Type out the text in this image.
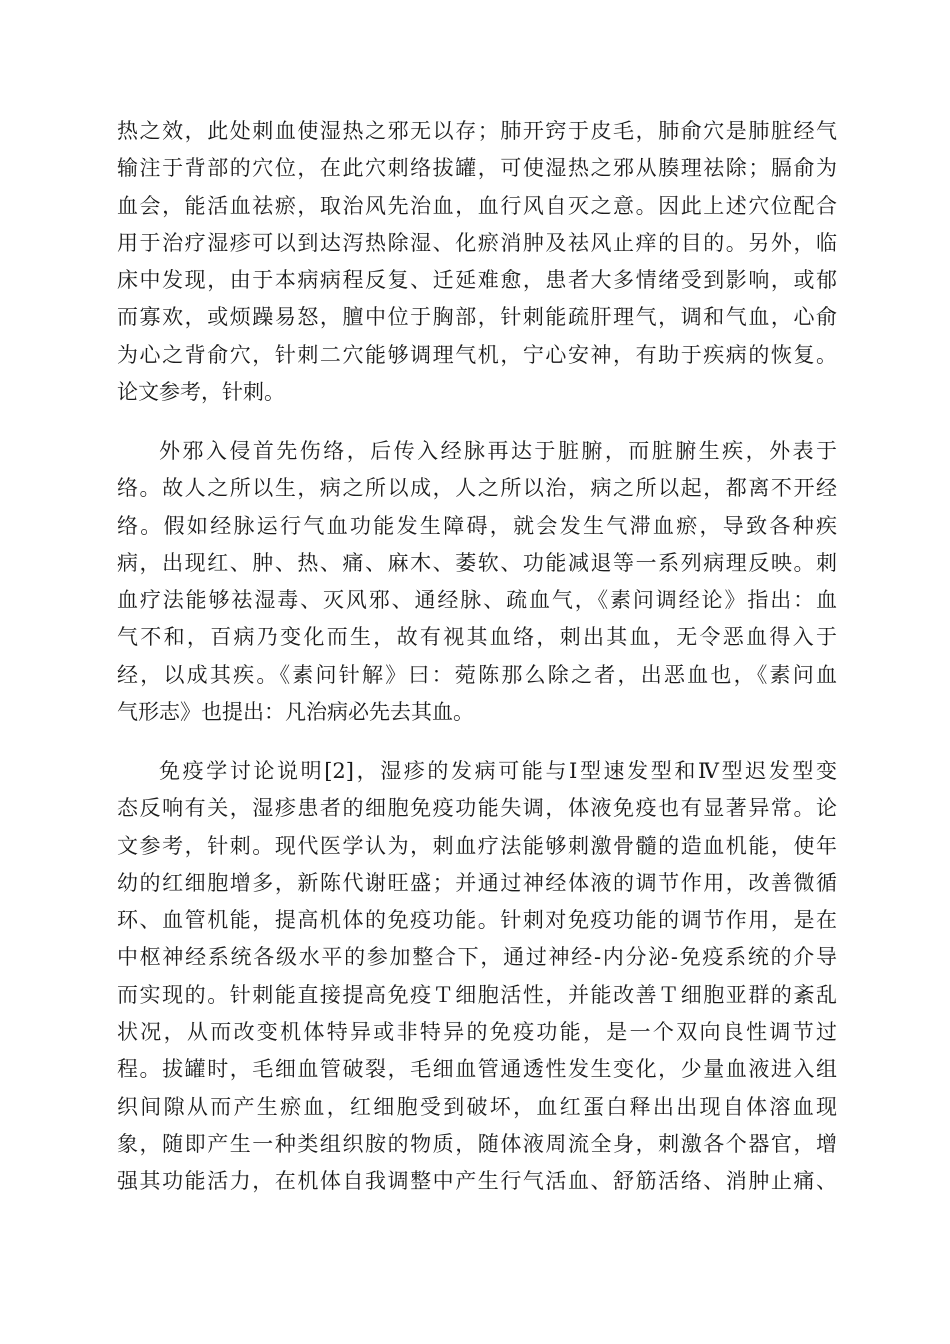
热之效，此处刺血使湿热之邪无以存；肺开窍于皮毛，肺俞穴是肺脏经气
输注于背部的穴位，在此穴刺络拔罐，可使湿热之邪从腠理祛除；膈俞为
血会，能活血祛瘀，取治风先治血，血行风自灭之意。因此上述穴位配合
用于治疗湿疹可以到达泻热除湿、化瘀消肿及祛风止痒的目的。另外，临
床中发现，由于本病病程反复、迁延难愈，患者大多情绪受到影响，或郁
而寡欢，或烦躁易怒，膻中位于胸部，针刺能疏肝理气，调和气血，心俞
为心之背俞穴，针刺二穴能够调理气机，宁心安神，有助于疾病的恢复。
论文参考，针刺。
外邪入侵首先伤络，后传入经脉再达于脏腑，而脏腑生疾，外表于
络。故人之所以生，病之所以成，人之所以治，病之所以起，都离不开经
络。假如经脉运行气血功能发生障碍，就会发生气滞血瘀，导致各种疾
病，出现红、肿、热、痛、麻木、萎软、功能减退等一系列病理反映。刺
血疗法能够祛湿毒、灭风邪、通经脉、疏血气，《素问调经论》指出：血
气不和，百病乃变化而生，故有视其血络，刺出其血，无令恶血得入于
经，以成其疾。《素问针解》曰：菀陈那么除之者，出恶血也，《素问血
气形志》也提出：凡治病必先去其血。
免疫学讨论说明[2]，湿疹的发病可能与Ⅰ型速发型和Ⅳ型迟发型变
态反响有关，湿疹患者的细胞免疫功能失调，体液免疫也有显著异常。论
文参考，针刺。现代医学认为，刺血疗法能够刺激骨髓的造血机能，使年
幼的红细胞增多，新陈代谢旺盛；并通过神经体液的调节作用，改善微循
环、血管机能，提高机体的免疫功能。针刺对免疫功能的调节作用，是在
中枢神经系统各级水平的参加整合下，通过神经-内分泌-免疫系统的介导
而实现的。针刺能直接提高免疫Ｔ细胞活性，并能改善Ｔ细胞亚群的紊乱
状况，从而改变机体特异或非特异的免疫功能，是一个双向良性调节过
程。拔罐时，毛细血管破裂，毛细血管通透性发生变化，少量血液进入组
织间隙从而产生瘀血，红细胞受到破坏，血红蛋白释出出现自体溶血现
象，随即产生一种类组织胺的物质，随体液周流全身，刺激各个器官，增
强其功能活力，在机体自我调整中产生行气活血、舒筋活络、消肿止痛、
